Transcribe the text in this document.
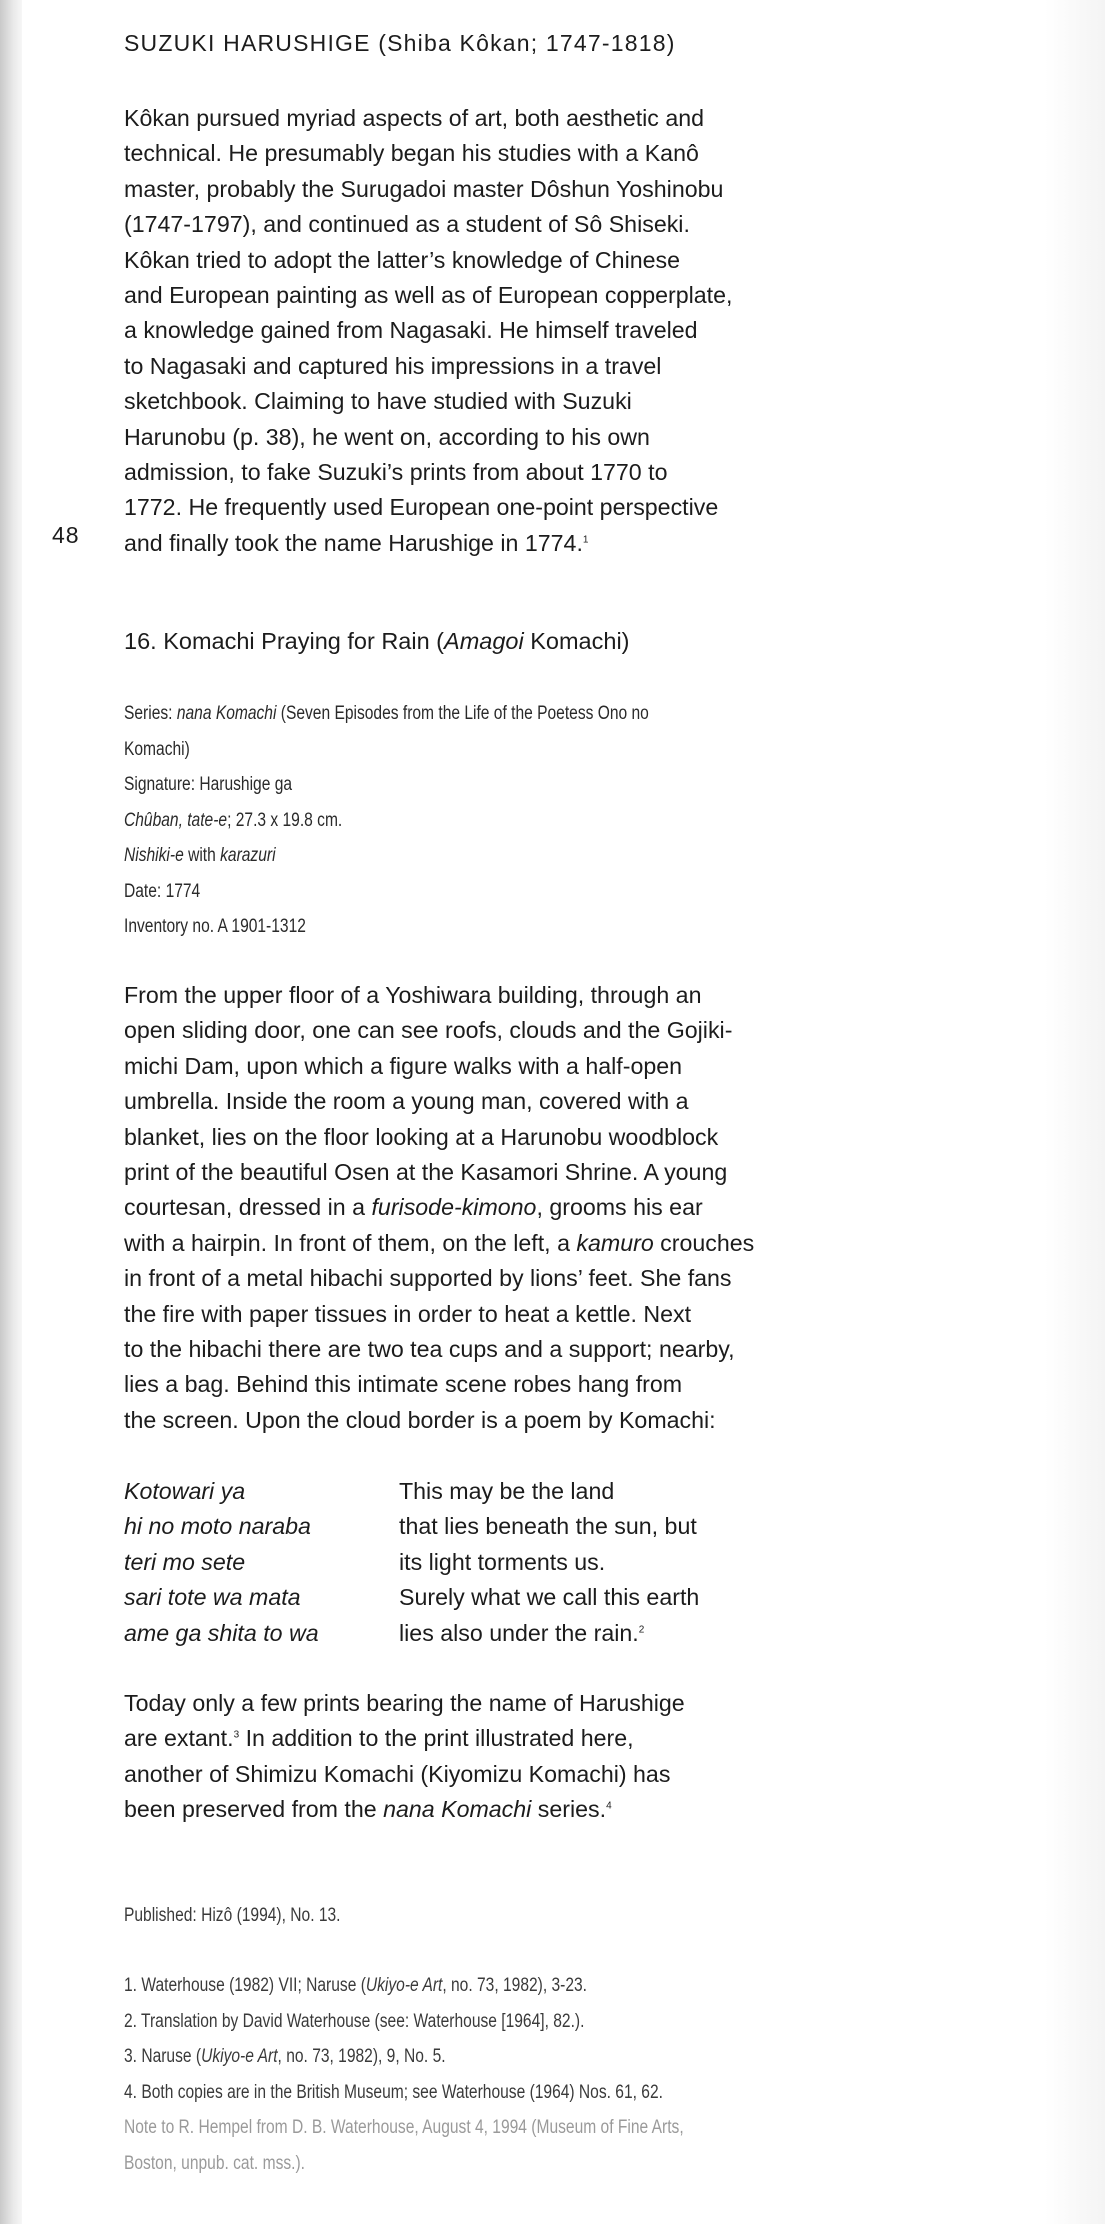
48
SUZUKI HARUSHIGE (Shiba Kôkan; 1747-1818)
Kôkan pursued myriad aspects of art, both aesthetic and
technical. He presumably began his studies with a Kanô
master, probably the Surugadoi master Dôshun Yoshinobu
(1747-1797), and continued as a student of Sô Shiseki.
Kôkan tried to adopt the latter’s knowledge of Chinese
and European painting as well as of European copperplate,
a knowledge gained from Nagasaki. He himself traveled
to Nagasaki and captured his impressions in a travel
sketchbook. Claiming to have studied with Suzuki
Harunobu (p. 38), he went on, according to his own
admission, to fake Suzuki’s prints from about 1770 to
1772. He frequently used European one-point perspective
and finally took the name Harushige in 1774.$^1$
16. Komachi Praying for Rain (Amagoi Komachi)
Series: nana Komachi (Seven Episodes from the Life of the Poetess Ono no
Komachi)
Signature: Harushige ga
Chûban, tate-e; 27.3 x 19.8 cm.
Nishiki-e with karazuri
Date: 1774
Inventory no. A 1901-1312
From the upper floor of a Yoshiwara building, through an
open sliding door, one can see roofs, clouds and the Gojiki-
michi Dam, upon which a figure walks with a half-open
umbrella. Inside the room a young man, covered with a
blanket, lies on the floor looking at a Harunobu woodblock
print of the beautiful Osen at the Kasamori Shrine. A young
courtesan, dressed in a furisode-kimono, grooms his ear
with a hairpin. In front of them, on the left, a kamuro crouches
in front of a metal hibachi supported by lions’ feet. She fans
the fire with paper tissues in order to heat a kettle. Next
to the hibachi there are two tea cups and a support; nearby,
lies a bag. Behind this intimate scene robes hang from
the screen. Upon the cloud border is a poem by Komachi:
Kotowari ya	This may be the land
hi no moto naraba	that lies beneath the sun, but
teri mo sete	its light torments us.
sari tote wa mata	Surely what we call this earth
ame ga shita to wa	lies also under the rain.$^2$
Today only a few prints bearing the name of Harushige
are extant.$^3$ In addition to the print illustrated here,
another of Shimizu Komachi (Kiyomizu Komachi) has
been preserved from the nana Komachi series.$^4$
Published: Hizô (1994), No. 13.
1. Waterhouse (1982) VII; Naruse (Ukiyo-e Art, no. 73, 1982), 3-23.
2. Translation by David Waterhouse (see: Waterhouse [1964], 82.).
3. Naruse (Ukiyo-e Art, no. 73, 1982), 9, No. 5.
4. Both copies are in the British Museum; see Waterhouse (1964) Nos. 61, 62.
Note to R. Hempel from D. B. Waterhouse, August 4, 1994 (Museum of Fine Arts,
Boston, unpub. cat. mss.).
